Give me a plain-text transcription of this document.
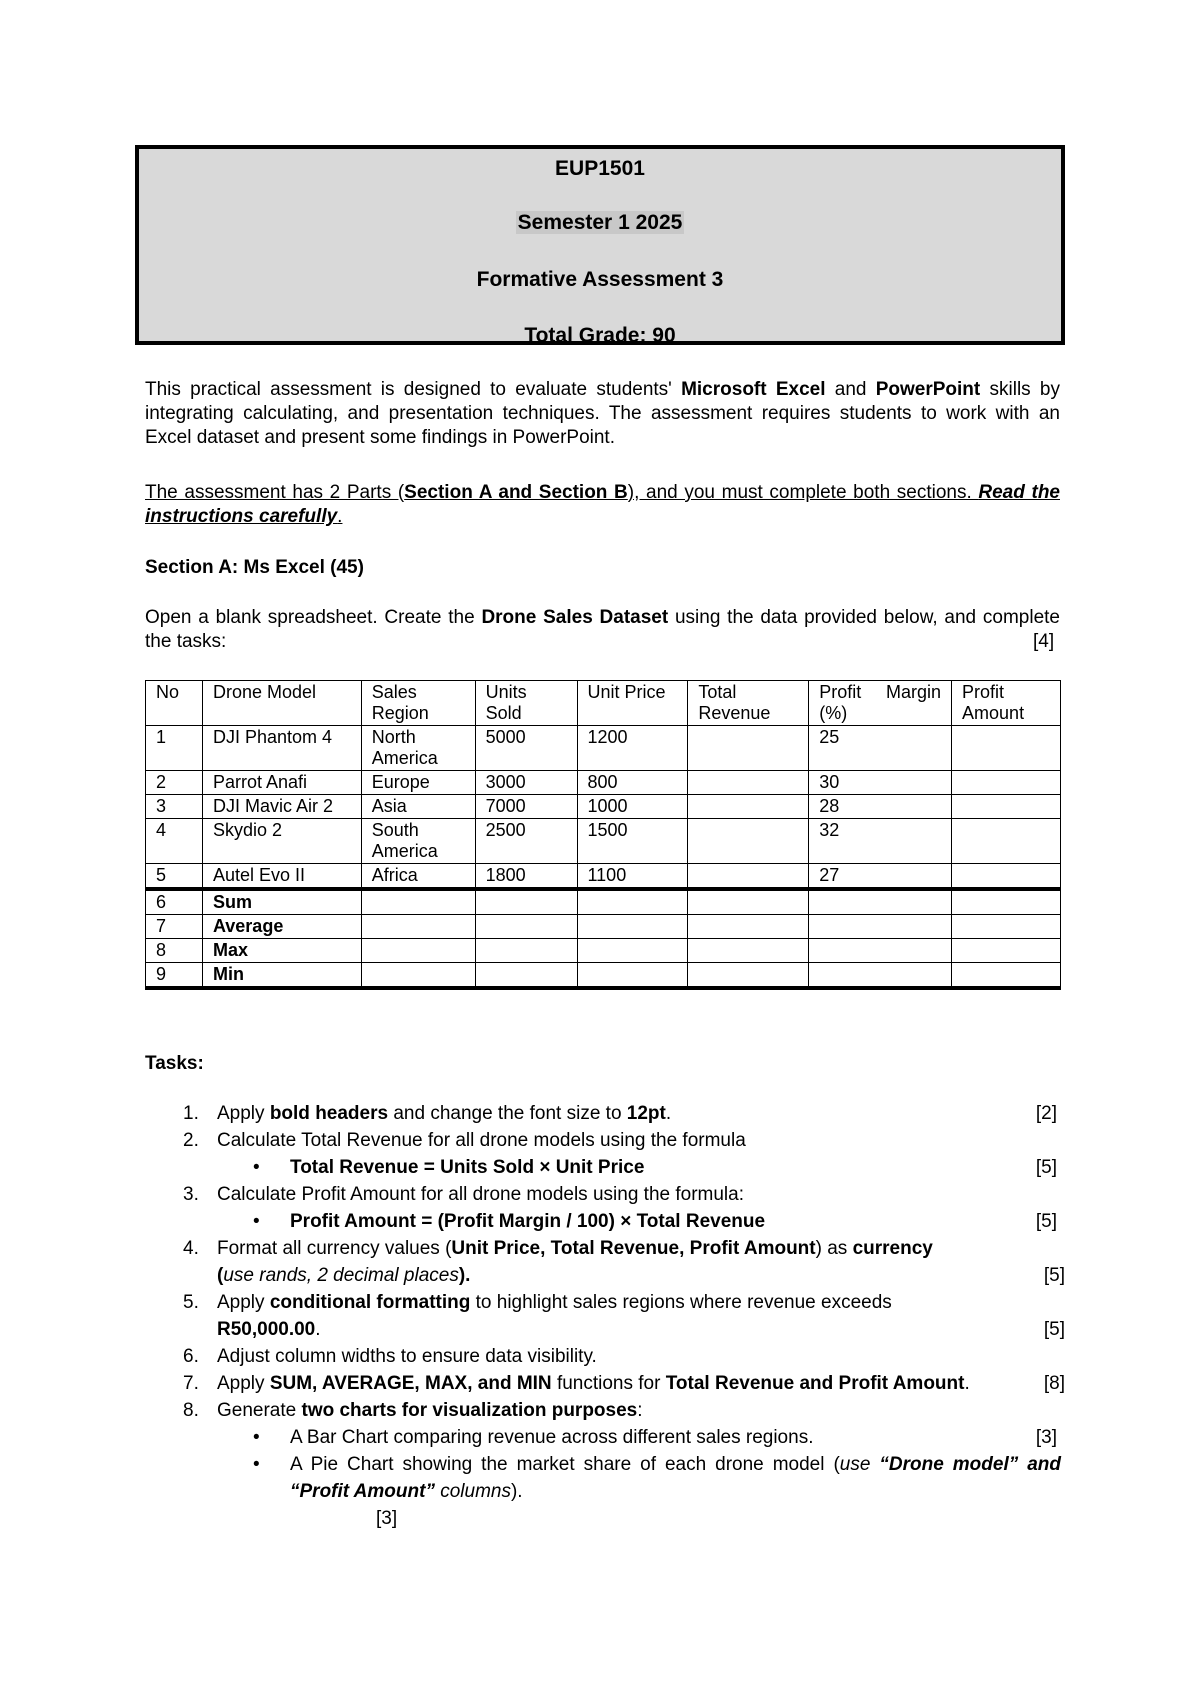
EUP1501
Semester 1 2025
Formative Assessment 3
Total Grade: 90
This practical assessment is designed to evaluate students' Microsoft Excel and PowerPoint skills by integrating calculating, and presentation techniques. The assessment requires students to work with an Excel dataset and present some findings in PowerPoint.
The assessment has 2 Parts (Section A and Section B), and you must complete both sections. Read the instructions carefully.
Section A: Ms Excel (45)
Open a blank spreadsheet. Create the Drone Sales Dataset using the data provided below, and complete the tasks:	[4]
No	Drone Model	Sales Region	Units Sold	Unit Price	Total Revenue	Profit Margin (%)	Profit Amount
1	DJI Phantom 4	North America	5000	1200		25	
2	Parrot Anafi	Europe	3000	800		30	
3	DJI Mavic Air 2	Asia	7000	1000		28	
4	Skydio 2	South America	2500	1500		32	
5	Autel Evo II	Africa	1800	1100		27	
6	Sum						
7	Average						
8	Max						
9	Min						
Tasks:
1. Apply bold headers and change the font size to 12pt.	[2]
2. Calculate Total Revenue for all drone models using the formula
• Total Revenue = Units Sold × Unit Price	[5]
3. Calculate Profit Amount for all drone models using the formula:
• Profit Amount = (Profit Margin / 100) × Total Revenue	[5]
4. Format all currency values (Unit Price, Total Revenue, Profit Amount) as currency
(use rands, 2 decimal places).	[5]
5. Apply conditional formatting to highlight sales regions where revenue exceeds
R50,000.00.	[5]
6. Adjust column widths to ensure data visibility.
7. Apply SUM, AVERAGE, MAX, and MIN functions for Total Revenue and Profit Amount.	[8]
8. Generate two charts for visualization purposes:
• A Bar Chart comparing revenue across different sales regions.	[3]
• A Pie Chart showing the market share of each drone model (use “Drone model” and
“Profit Amount” columns).
[3]
